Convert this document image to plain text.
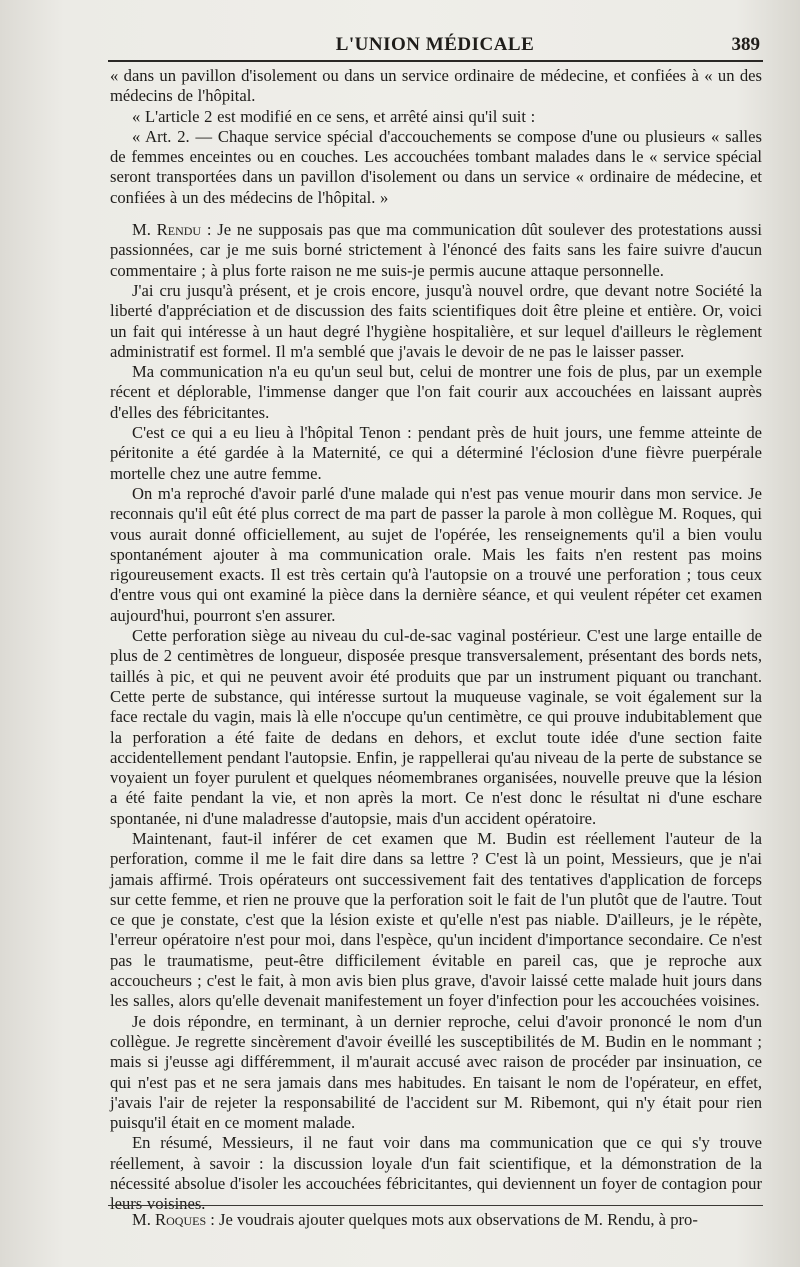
L'UNION MÉDICALE	389

« dans un pavillon d'isolement ou dans un service ordinaire de médecine, et confiées à « un des médecins de l'hôpital.

« L'article 2 est modifié en ce sens, et arrêté ainsi qu'il suit :

« Art. 2. — Chaque service spécial d'accouchements se compose d'une ou plusieurs « salles de femmes enceintes ou en couches. Les accouchées tombant malades dans le « service spécial seront transportées dans un pavillon d'isolement ou dans un service « ordinaire de médecine, et confiées à un des médecins de l'hôpital. »

M. Rendu : Je ne supposais pas que ma communication dût soulever des protestations aussi passionnées, car je me suis borné strictement à l'énoncé des faits sans les faire suivre d'aucun commentaire ; à plus forte raison ne me suis-je permis aucune attaque personnelle.

J'ai cru jusqu'à présent, et je crois encore, jusqu'à nouvel ordre, que devant notre Société la liberté d'appréciation et de discussion des faits scientifiques doit être pleine et entière. Or, voici un fait qui intéresse à un haut degré l'hygiène hospitalière, et sur lequel d'ailleurs le règlement administratif est formel. Il m'a semblé que j'avais le devoir de ne pas le laisser passer.

Ma communication n'a eu qu'un seul but, celui de montrer une fois de plus, par un exemple récent et déplorable, l'immense danger que l'on fait courir aux accouchées en laissant auprès d'elles des fébricitantes.

C'est ce qui a eu lieu à l'hôpital Tenon : pendant près de huit jours, une femme atteinte de péritonite a été gardée à la Maternité, ce qui a déterminé l'éclosion d'une fièvre puerpérale mortelle chez une autre femme.

On m'a reproché d'avoir parlé d'une malade qui n'est pas venue mourir dans mon service. Je reconnais qu'il eût été plus correct de ma part de passer la parole à mon collègue M. Roques, qui vous aurait donné officiellement, au sujet de l'opérée, les renseignements qu'il a bien voulu spontanément ajouter à ma communication orale. Mais les faits n'en restent pas moins rigoureusement exacts. Il est très certain qu'à l'autopsie on a trouvé une perforation ; tous ceux d'entre vous qui ont examiné la pièce dans la dernière séance, et qui veulent répéter cet examen aujourd'hui, pourront s'en assurer.

Cette perforation siège au niveau du cul-de-sac vaginal postérieur. C'est une large entaille de plus de 2 centimètres de longueur, disposée presque transversalement, présentant des bords nets, taillés à pic, et qui ne peuvent avoir été produits que par un instrument piquant ou tranchant. Cette perte de substance, qui intéresse surtout la muqueuse vaginale, se voit également sur la face rectale du vagin, mais là elle n'occupe qu'un centimètre, ce qui prouve indubitablement que la perforation a été faite de dedans en dehors, et exclut toute idée d'une section faite accidentellement pendant l'autopsie. Enfin, je rappellerai qu'au niveau de la perte de substance se voyaient un foyer purulent et quelques néomembranes organisées, nouvelle preuve que la lésion a été faite pendant la vie, et non après la mort. Ce n'est donc le résultat ni d'une eschare spontanée, ni d'une maladresse d'autopsie, mais d'un accident opératoire.

Maintenant, faut-il inférer de cet examen que M. Budin est réellement l'auteur de la perforation, comme il me le fait dire dans sa lettre ? C'est là un point, Messieurs, que je n'ai jamais affirmé. Trois opérateurs ont successivement fait des tentatives d'application de forceps sur cette femme, et rien ne prouve que la perforation soit le fait de l'un plutôt que de l'autre. Tout ce que je constate, c'est que la lésion existe et qu'elle n'est pas niable. D'ailleurs, je le répète, l'erreur opératoire n'est pour moi, dans l'espèce, qu'un incident d'importance secondaire. Ce n'est pas le traumatisme, peut-être difficilement évitable en pareil cas, que je reproche aux accoucheurs ; c'est le fait, à mon avis bien plus grave, d'avoir laissé cette malade huit jours dans les salles, alors qu'elle devenait manifestement un foyer d'infection pour les accouchées voisines.

Je dois répondre, en terminant, à un dernier reproche, celui d'avoir prononcé le nom d'un collègue. Je regrette sincèrement d'avoir éveillé les susceptibilités de M. Budin en le nommant ; mais si j'eusse agi différemment, il m'aurait accusé avec raison de procéder par insinuation, ce qui n'est pas et ne sera jamais dans mes habitudes. En taisant le nom de l'opérateur, en effet, j'avais l'air de rejeter la responsabilité de l'accident sur M. Ribemont, qui n'y était pour rien puisqu'il était en ce moment malade.

En résumé, Messieurs, il ne faut voir dans ma communication que ce qui s'y trouve réellement, à savoir : la discussion loyale d'un fait scientifique, et la démonstration de la nécessité absolue d'isoler les accouchées fébricitantes, qui deviennent un foyer de contagion pour leurs voisines.

M. Roques : Je voudrais ajouter quelques mots aux observations de M. Rendu, à pro-
